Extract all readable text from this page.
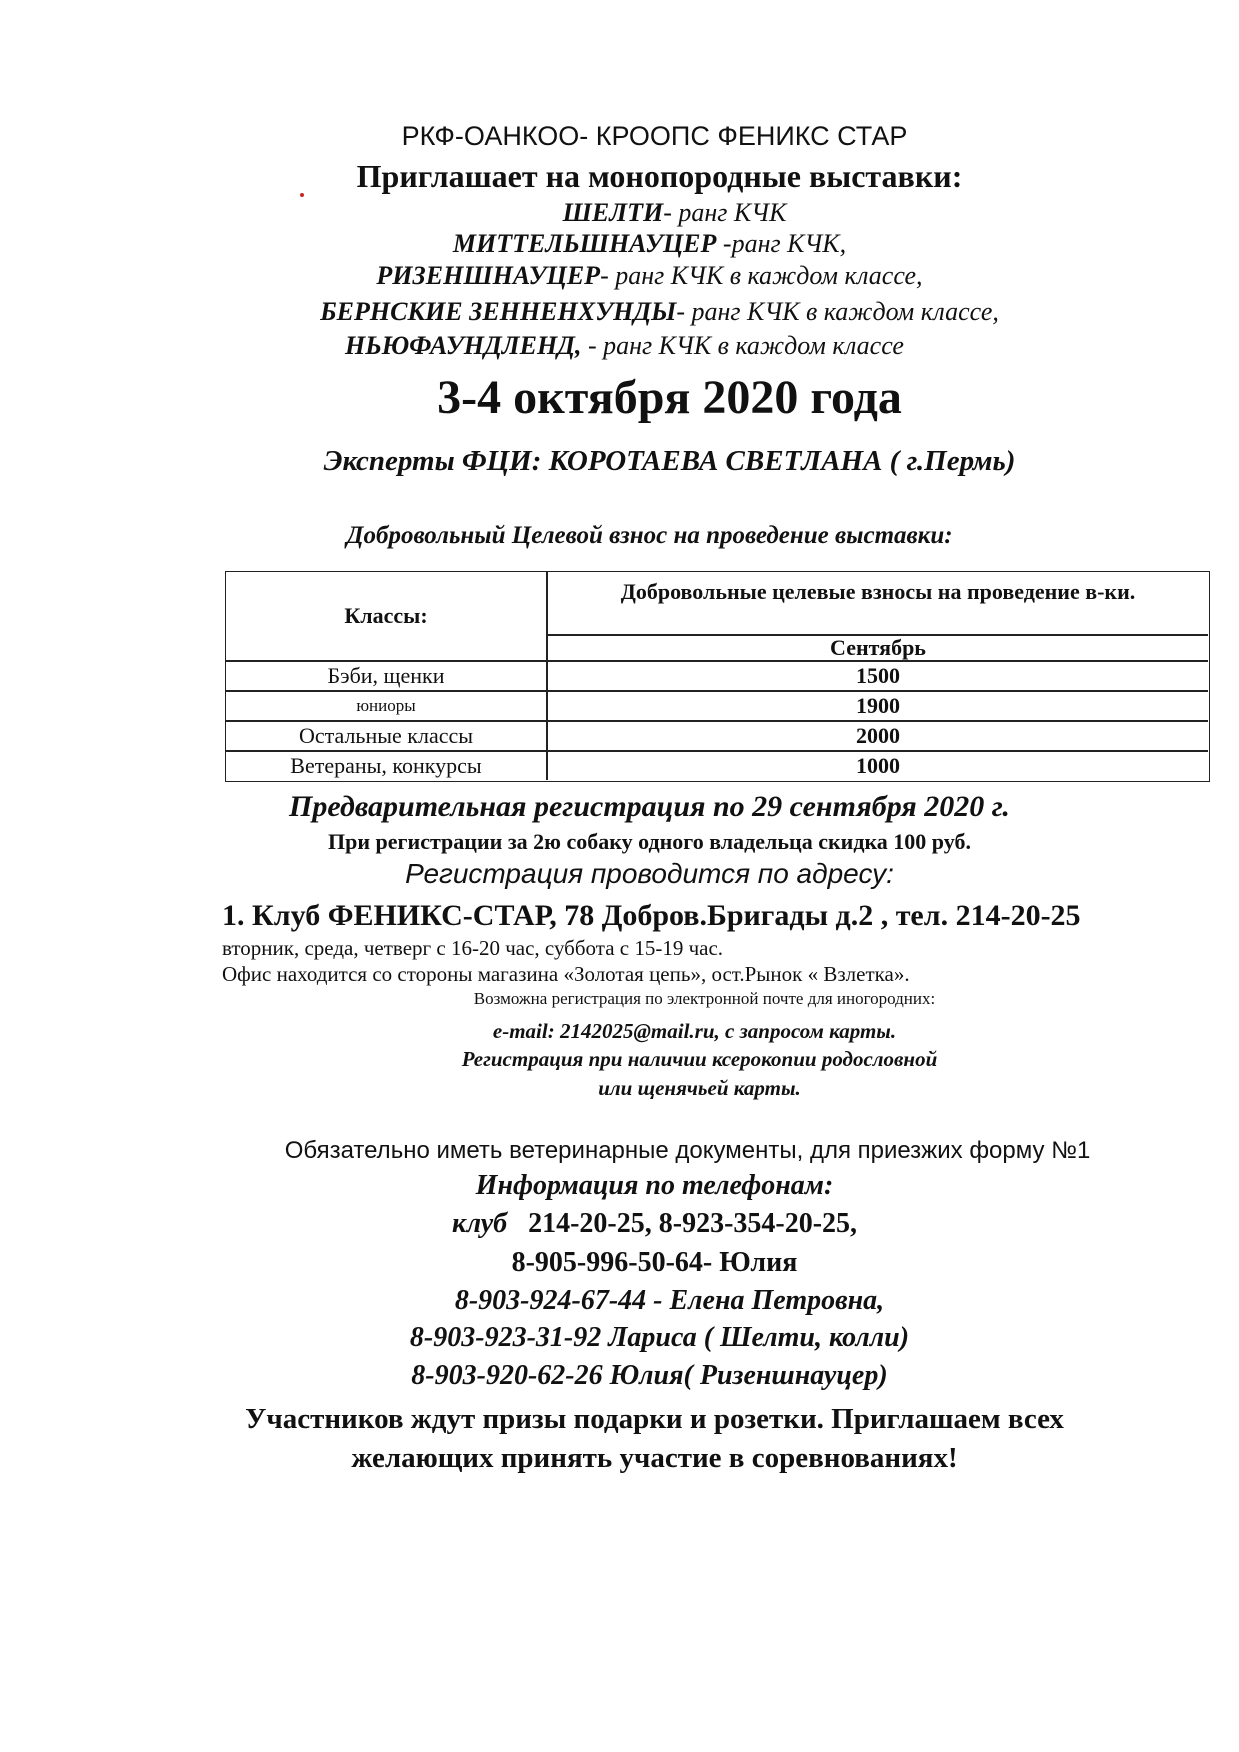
РКФ-ОАНКОО- КРООПС ФЕНИКС СТАР
Приглашает на монопородные выставки:
ШЕЛТИ- ранг КЧК
МИТТЕЛЬШНАУЦЕР -ранг КЧК,
РИЗЕНШНАУЦЕР- ранг КЧК в каждом классе,
БЕРНСКИЕ ЗЕННЕНХУНДЫ- ранг КЧК в каждом классе,
НЬЮФАУНДЛЕНД, - ранг КЧК в каждом классе
3-4 октября 2020 года
Эксперты ФЦИ: КОРОТАЕВА СВЕТЛАНА ( г.Пермь)
Добровольный Целевой взнос на проведение выставки:
Классы:
Добровольные целевые взносы на проведение в-ки.
Сентябрь
Бэби, щенки	1500
юниоры	1900
Остальные классы	2000
Ветераны, конкурсы	1000
Предварительная регистрация по 29 сентября 2020 г.
При регистрации за 2ю собаку одного владельца скидка 100 руб.
Регистрация проводится по адресу:
1. Клуб ФЕНИКС-СТАР, 78 Добров.Бригады д.2 , тел. 214-20-25
вторник, среда, четверг с 16-20 час, суббота с 15-19 час.
Офис находится со стороны магазина «Золотая цепь», ост.Рынок « Взлетка».
Возможна регистрация по электронной почте для иногородних:
e-mail: 2142025@mail.ru, с запросом карты.
Регистрация при наличии ксерокопии родословной
или щенячьей карты.
Обязательно иметь ветеринарные документы, для приезжих форму №1
Информация по телефонам:
клуб 214-20-25, 8-923-354-20-25,
8-905-996-50-64- Юлия
8-903-924-67-44 - Елена Петровна,
8-903-923-31-92 Лариса ( Шелти, колли)
8-903-920-62-26 Юлия( Ризеншнауцер)
Участников ждут призы подарки и розетки. Приглашаем всех
желающих принять участие в соревнованиях!
